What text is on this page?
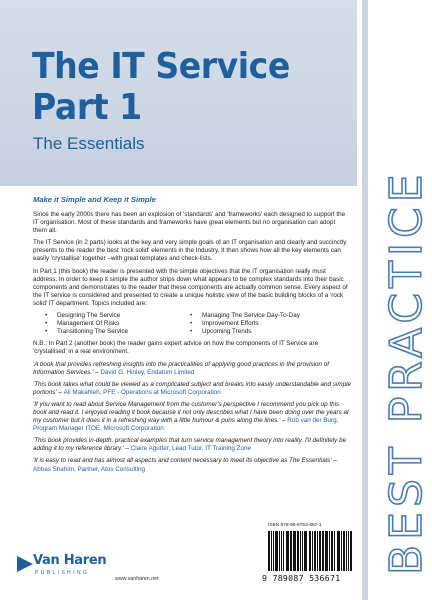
The IT Service
Part 1
The Essentials
BEST PRACTICE
Make it Simple and Keep it Simple

Since the early 2000s there has been an explosion of 'standards' and 'frameworks' each designed to support the IT organisation. Most of these standards and frameworks have great elements but no organisation can adopt them all.

The IT Service (in 2 parts) looks at the key and very simple goals of an IT organisation and clearly and succinctly presents to the reader the best 'rock solid' elements in the Industry. It then shows how all the key elements can easily 'crystallise' together –with great templates and check-lists.

In Part 1 (this book) the reader is presented with the simple objectives that the IT organisation really must address. In order to keep it simple the author strips down what appears to be complex standards into their basic components and demonstrates to the reader that these components are actually common sense. Every aspect of the IT service is considered and presented to create a unique holistic view of the basic building blocks of a 'rock solid' IT department. Topics included are:

• Designing The Service
• Management Of Risks
• Transitioning The Service
• Managing The Service Day-To-Day
• Improvement Efforts
• Upcoming Trends

N.B.: In Part 2 (another book) the reader gains expert advice on how the components of IT Service are 'crystallised' in a real environment.

'A book that provides refreshing insights into the practicalities of applying good practices in the provision of Information Services.' – David G. Hinley, Endatum Limited
'This book takes what could be viewed as a complicated subject and breaks into easily understandable and simple portions' – Ali Makahleh, PFE - Operations at Microsoft Corporation
'If you want to read about Service Management from the customer's perspective I recommend you pick up this book and read it. I enjoyed reading it book because it not only describes what I have been doing over the years at my customer but it does it in a refreshing way with a little humour & puns along the lines.' – Rob van der Burg, Program Manager ITOE, Microsoft Corporation
'This book provides in-depth, practical examples that turn service management theory into reality. I'll definitely be adding it to my reference library.' – Claire Agutter, Lead Tutor, IT Training Zone
'It is easy to read and has almost all aspects and content necessary to meet its objective as The Essentials' – Abbas Shahim, Partner, Atos Consulting
Van Haren
PUBLISHING
www.vanharen.net
ISBN 978-90-8753-667-1
9 789087 536671
